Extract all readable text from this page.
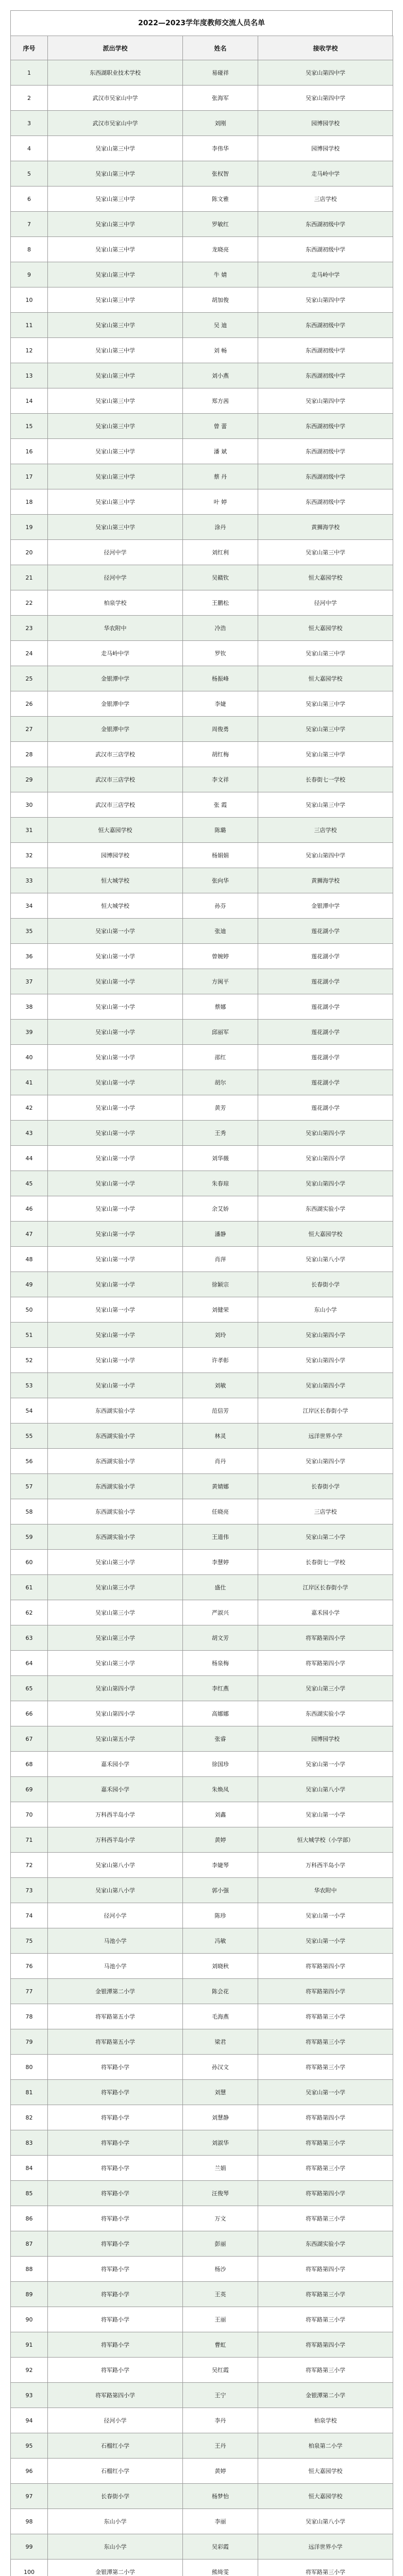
2022—2023学年度教师交流人员名单
序号	派出学校	姓名	接收学校
1	东西湖职业技术学校	易碰祥	吴家山第四中学
2	武汉市吴家山中学	张海军	吴家山第四中学
3	武汉市吴家山中学	刘刚	园博园学校
4	吴家山第三中学	李伟华	园博园学校
5	吴家山第三中学	张权智	走马岭中学
6	吴家山第三中学	陈文雅	三店学校
7	吴家山第三中学	罗敏红	东西湖初级中学
8	吴家山第三中学	龙晓亮	东西湖初级中学
9	吴家山第三中学	牛 婧	走马岭中学
10	吴家山第三中学	胡加俊	吴家山第四中学
11	吴家山第三中学	吴 迪	东西湖初级中学
12	吴家山第三中学	刘 畅	东西湖初级中学
13	吴家山第三中学	刘小燕	东西湖初级中学
14	吴家山第三中学	郑方茜	吴家山第四中学
15	吴家山第三中学	曾 蕾	东西湖初级中学
16	吴家山第三中学	潘 斌	东西湖初级中学
17	吴家山第三中学	蔡 丹	东西湖初级中学
18	吴家山第三中学	叶 婷	东西湖初级中学
19	吴家山第三中学	涂丹	黄狮海学校
20	径河中学	刘红利	吴家山第三中学
21	径河中学	吴赣钦	恒大嘉园学校
22	柏泉学校	王鹏松	径河中学
23	华农附中	冷浩	恒大嘉园学校
24	走马岭中学	罗钦	吴家山第三中学
25	金银潭中学	杨振峰	恒大嘉园学校
26	金银潭中学	李婕	吴家山第三中学
27	金银潭中学	周俊勇	吴家山第三中学
28	武汉市三店学校	胡红梅	吴家山第三中学
29	武汉市三店学校	李文祥	长春街七一学校
30	武汉市三店学校	张 霞	吴家山第三中学
31	恒大嘉园学校	陈璐	三店学校
32	园博园学校	杨娟娟	吴家山第四中学
33	恒大城学校	张向华	黄狮海学校
34	恒大城学校	孙芬	金银潭中学
35	吴家山第一小学	张迪	莲花湖小学
36	吴家山第一小学	曾婉婷	莲花湖小学
37	吴家山第一小学	方闽平	莲花湖小学
38	吴家山第一小学	蔡娜	莲花湖小学
39	吴家山第一小学	邱丽军	莲花湖小学
40	吴家山第一小学	邵红	莲花湖小学
41	吴家山第一小学	胡尔	莲花湖小学
42	吴家山第一小学	黄芳	莲花湖小学
43	吴家山第一小学	王秀	吴家山第四小学
44	吴家山第一小学	刘华薇	吴家山第四小学
45	吴家山第一小学	朱春琼	吴家山第四小学
46	吴家山第一小学	余艾娇	东西湖实验小学
47	吴家山第一小学	潘静	恒大嘉园学校
48	吴家山第一小学	肖萍	吴家山第八小学
49	吴家山第一小学	徐颖宗	长春街小学
50	吴家山第一小学	刘健荣	东山小学
51	吴家山第一小学	刘玲	吴家山第四小学
52	吴家山第一小学	许孝彰	吴家山第四小学
53	吴家山第一小学	刘敏	吴家山第四小学
54	东西湖实验小学	范信芳	江岸区长春街小学
55	东西湖实验小学	林灵	远洋世界小学
56	东西湖实验小学	肖丹	吴家山第四小学
57	东西湖实验小学	黄婧娜	长春街小学
58	东西湖实验小学	任晓亮	三店学校
59	东西湖实验小学	王道伟	吴家山第二小学
60	吴家山第三小学	李慧婷	长春街七一学校
61	吴家山第三小学	盛仕	江岸区长春街小学
62	吴家山第三小学	严淑兴	嘉禾园小学
63	吴家山第三小学	胡文芳	将军路第四小学
64	吴家山第三小学	杨泉梅	将军路第四小学
65	吴家山第四小学	李红燕	吴家山第三小学
66	吴家山第四小学	高娜娜	东西湖实验小学
67	吴家山第五小学	张睿	园博园学校
68	嘉禾园小学	徐国珍	吴家山第一小学
69	嘉禾园小学	朱焕凤	吴家山第八小学
70	万科西半岛小学	刘鑫	吴家山第一小学
71	万科西半岛小学	黄婷	恒大城学校（小学部）
72	吴家山第八小学	李婕琴	万科西半岛小学
73	吴家山第八小学	郭小强	华农附中
74	径河小学	陈珍	吴家山第一小学
75	马池小学	冯敏	吴家山第一小学
76	马池小学	刘晓秋	将军路第四小学
77	金银潭第二小学	陈会花	将军路第四小学
78	将军路第五小学	毛海燕	将军路第三小学
79	将军路第五小学	梁君	将军路第三小学
80	将军路小学	孙汉文	将军路第三小学
81	将军路小学	刘慧	吴家山第一小学
82	将军路小学	刘慧静	将军路第四小学
83	将军路小学	刘淑华	将军路第三小学
84	将军路小学	兰娟	将军路第三小学
85	将军路小学	汪俊琴	将军路第四小学
86	将军路小学	万文	将军路第三小学
87	将军路小学	彭丽	东西湖实验小学
88	将军路小学	杨沙	将军路第四小学
89	将军路小学	王英	将军路第三小学
90	将军路小学	王丽	将军路第三小学
91	将军路小学	曹虹	将军路第四小学
92	将军路小学	吴红霞	将军路第三小学
93	将军路第四小学	王宁	金银潭第二小学
94	径河小学	李丹	柏泉学校
95	石榴红小学	王丹	柏泉第二小学
96	石榴红小学	黄婷	恒大嘉园学校
97	长春街小学	杨梦怡	恒大嘉园学校
98	东山小学	李丽	吴家山第八小学
99	东山小学	吴彩霞	远洋世界小学
100	金银潭第二小学	熊绮雯	将军路第三小学
